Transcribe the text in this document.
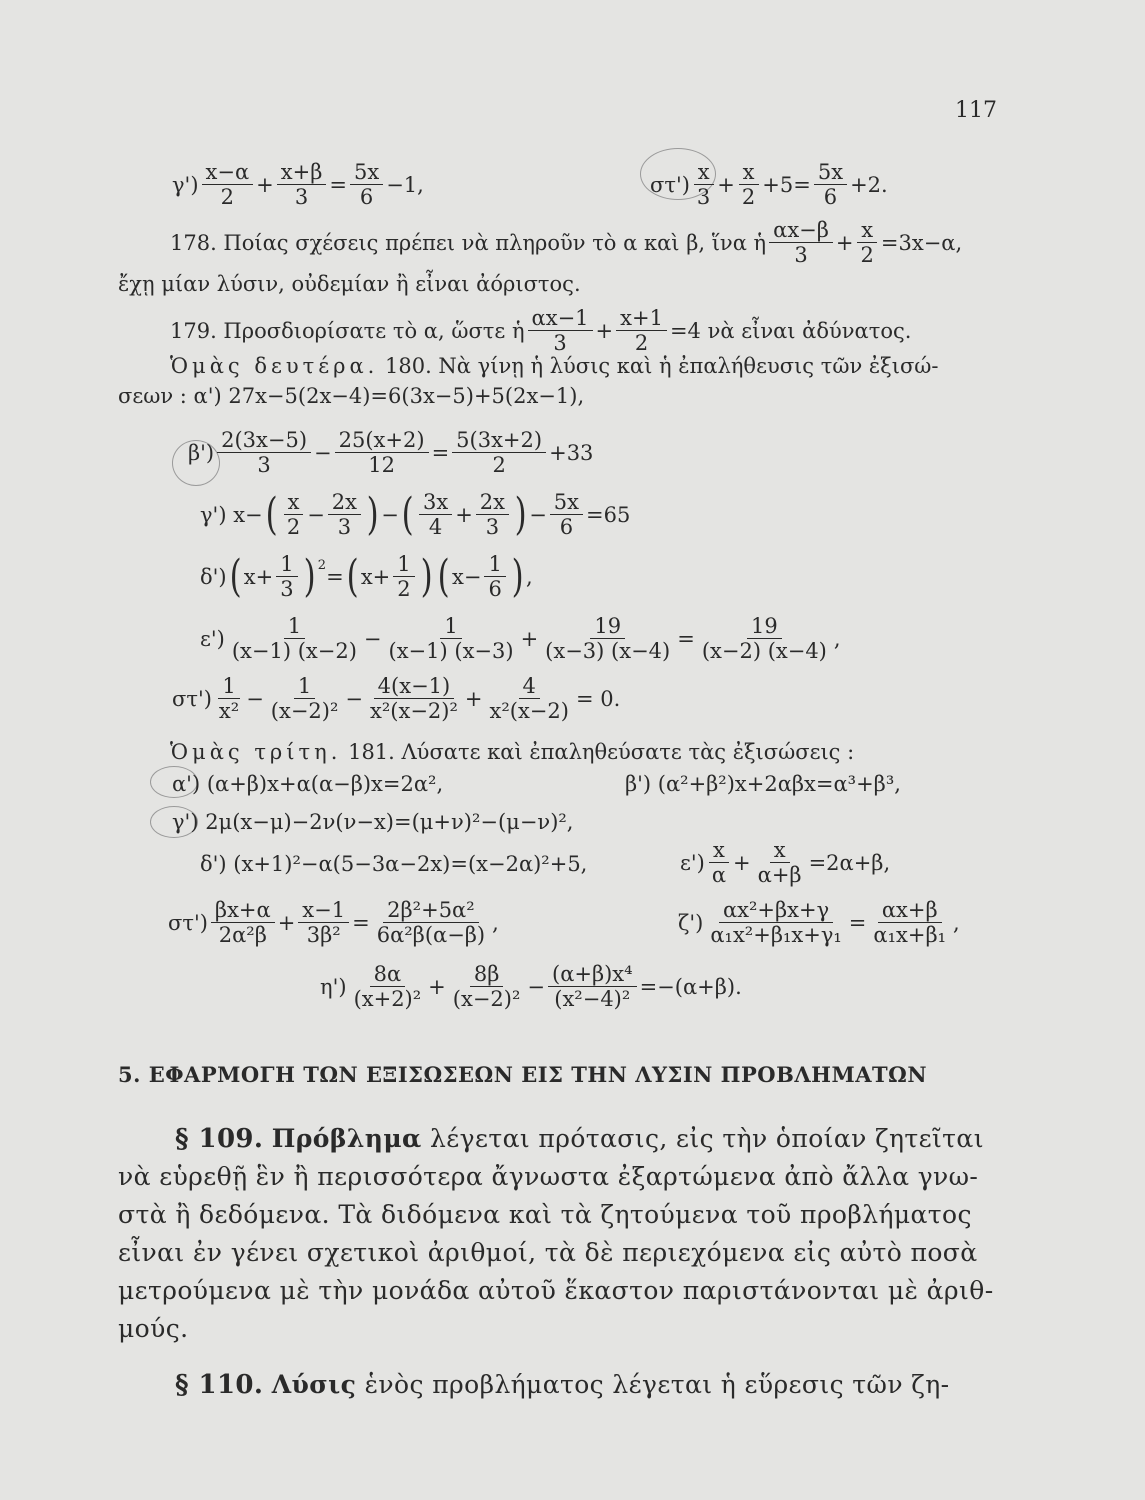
117
γ')
x−α
2
+ $\frac{x+\beta}{3} = \frac{5x}{6} -1$,	στ')
x
3
+ $\frac{x}{2} +5= \frac{5x}{6} +2$.
178. Ποίας σχέσεις πρέπει νὰ πληροῦν τὸ α καὶ β, ἵνα ἡ
αx−β
3
+ $\frac{x}{2} =3x-\alpha$,
ἔχῃ μίαν λύσιν, οὐδεμίαν ἢ εἶναι ἀόριστος.
179. Προσδιορίσατε τὸ α, ὥστε ἡ
αx−1
3
+ $\frac{x+1}{2} =4$ νὰ εἶναι ἀδύνατος.
Ὁμὰς δευτέρα. 180. Νὰ γίνῃ ἡ λύσις καὶ ἡ ἐπαλήθευσις τῶν ἐξισώ-
σεων : α') 27x−5(2x−4)=6(3x−5)+5(2x−1),
β')
2(3x−5)
3
− $\frac{25(x+2)}{12} = \frac{5(3x+2)}{2} +33$
γ') x− ( x
2
− $\frac{2x}{3}$ ) − ( 3x
4
+ $\frac{2x}{3}$ ) − $\frac{5x}{6} =65$
δ') ( $x+ \frac{1}{3} )^2$ = ( $x+ \frac{1}{2}$ ) ( $x- \frac{1}{6}$ ) ,
ε')
1
(x−1) (x−2)
− $\frac{1}{(x-1) (x-3)} + \frac{19}{(x-3) (x-4)} = \frac{19}{(x-2) (x-4)}$ ,
στ')
1
x²
− $\frac{1}{\text{(x−2)²}} - \frac{4(x-1)}{\text{x²(x−2)²}} + \frac{4}{\text{x²(x−2)}} = 0$.
Ὁμὰς τρίτη. 181. Λύσατε καὶ ἐπαληθεύσατε τὰς ἐξισώσεις :
α') (α+β)x+α(α−β)x=2α²,	β') (α²+β²)x+2αβx=α³+β³,
γ') 2μ(x−μ)−2ν(ν−x)=(μ+ν)²−(μ−ν)²,
δ') (x+1)²−α(5−3α−2x)=(x−2α)²+5,	ε')
x
α
+ $\frac{x}{\alpha+\beta} =2\alpha+\beta$,
στ')
βx+α
2α²β
+ $\frac{x-1}{\text{3β²}} = \frac{\text{2β²+5α²}}{\text{6α²β(α−β)}}$ ,	$\zeta') \frac{\text{αx²+βx+γ}}{\text{α₁x²+β₁x+γ₁}} = \frac{\alpha x+\beta}{\text{α₁x+β₁}}$ ,
η')
8α
(x+2)²
+ $\frac{8\beta}{\text{(x−2)²}} - \frac{\text{(α+β)x⁴}}{\text{(x²−4)²}} =-(\alpha+\beta)$.
5. ΕΦΑΡΜΟΓΗ ΤΩΝ ΕΞΙΣΩΣΕΩΝ ΕΙΣ ΤΗΝ ΛΥΣΙΝ ΠΡΟΒΛΗΜΑΤΩΝ
§ 109. Πρόβλημα λέγεται πρότασις, εἰς τὴν ὁποίαν ζητεῖται
νὰ εὑρεθῇ ἓν ἢ περισσότερα ἄγνωστα ἐξαρτώμενα ἀπὸ ἄλλα γνω-
στὰ ἢ δεδόμενα. Τὰ διδόμενα καὶ τὰ ζητούμενα τοῦ προβλήματος
εἶναι ἐν γένει σχετικοὶ ἀριθμοί, τὰ δὲ περιεχόμενα εἰς αὐτὸ ποσὰ
μετρούμενα μὲ τὴν μονάδα αὐτοῦ ἕκαστον παριστάνονται μὲ ἀριθ-
μούς.
§ 110. Λύσις ἑνὸς προβλήματος λέγεται ἡ εὕρεσις τῶν ζη-
